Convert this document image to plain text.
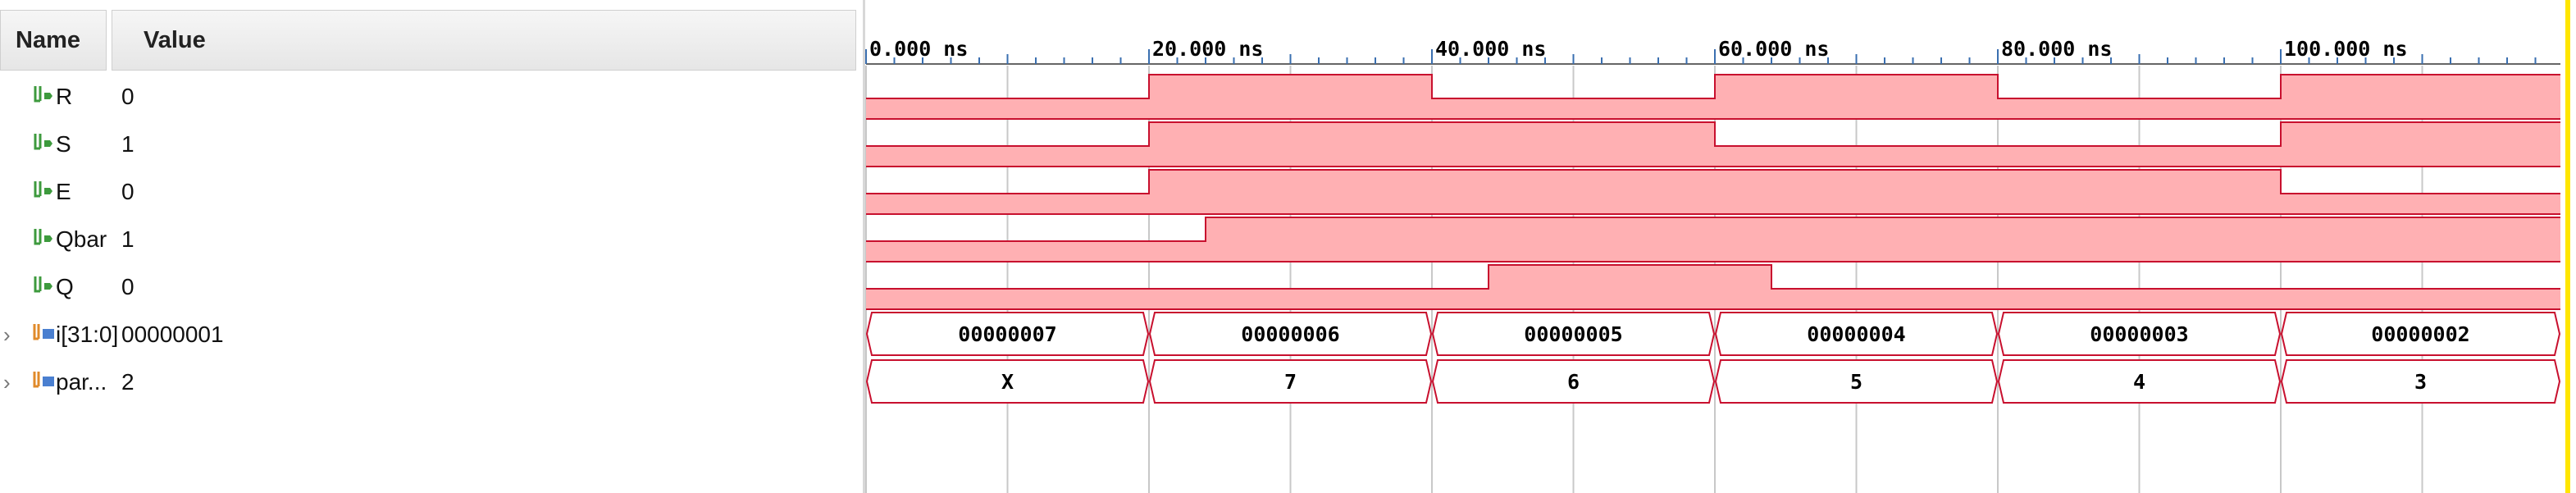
Name	Value
R	0
S	1
E	0
Qbar 1
Q	0
› i[31:0] 00000001
› par... 2
0.000 ns	20.000 ns	40.000 ns	60.000 ns	80.000 ns	100.000 ns
00000007	00000006	00000005	00000004	00000003	00000002
X	7	6	5	4	3
